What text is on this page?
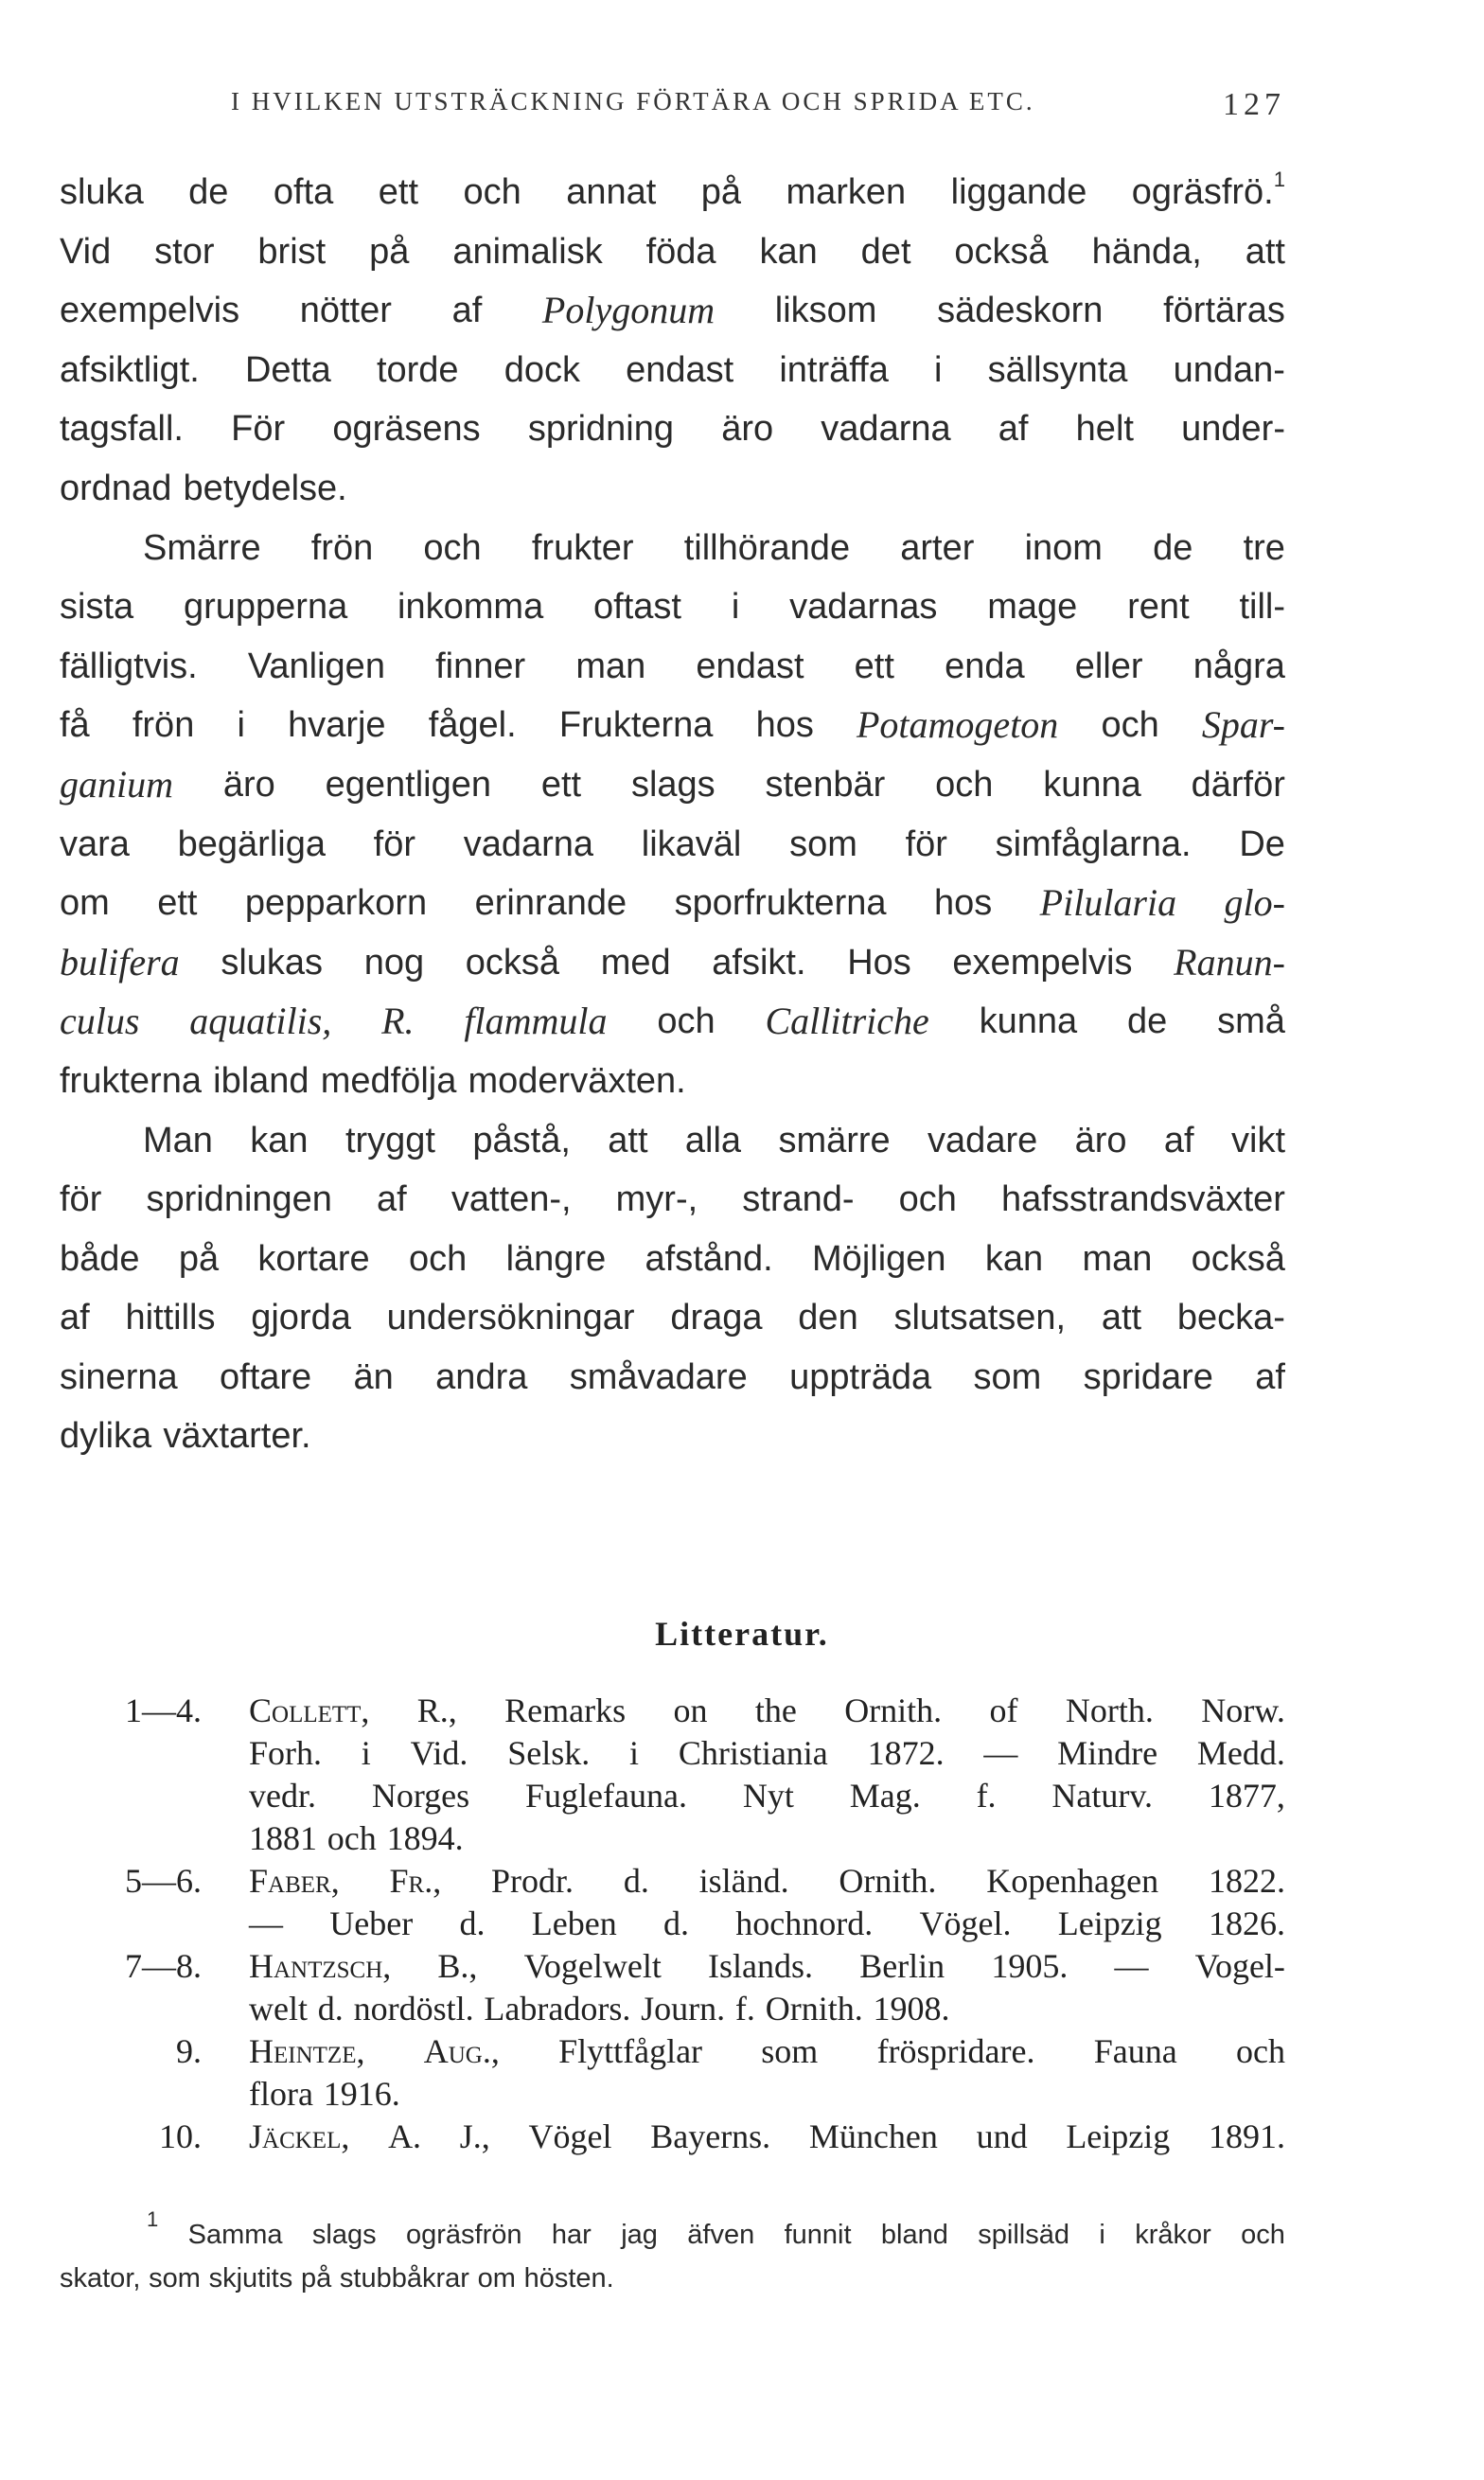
I HVILKEN UTSTRÄCKNING FÖRTÄRA OCH SPRIDA ETC.	127
sluka de ofta ett och annat på marken liggande ogräsfrö.$^1$
Vid stor brist på animalisk föda kan det också hända, att
exempelvis nötter af Polygonum liksom sädeskorn förtäras
afsiktligt. Detta torde dock endast inträffa i sällsynta undan-
tagsfall. För ogräsens spridning äro vadarna af helt under-
ordnad betydelse.
Smärre frön och frukter tillhörande arter inom de tre
sista grupperna inkomma oftast i vadarnas mage rent till-
fälligtvis. Vanligen finner man endast ett enda eller några
få frön i hvarje fågel. Frukterna hos Potamogeton och Spar-
ganium äro egentligen ett slags stenbär och kunna därför
vara begärliga för vadarna likaväl som för simfåglarna. De
om ett pepparkorn erinrande sporfrukterna hos Pilularia glo-
bulifera slukas nog också med afsikt. Hos exempelvis Ranun-
culus aquatilis, R. flammula och Callitriche kunna de små
frukterna ibland medfölja moderväxten.
Man kan tryggt påstå, att alla smärre vadare äro af vikt
för spridningen af vatten-, myr-, strand- och hafsstrandsväxter
både på kortare och längre afstånd. Möjligen kan man också
af hittills gjorda undersökningar draga den slutsatsen, att becka-
sinerna oftare än andra småvadare uppträda som spridare af
dylika växtarter.
Litteratur.
1—4. Collett, R., Remarks on the Ornith. of North. Norw.
Forh. i Vid. Selsk. i Christiania 1872. — Mindre Medd.
vedr. Norges Fuglefauna. Nyt Mag. f. Naturv. 1877,
1881 och 1894.
5—6. Faber, Fr., Prodr. d. isländ. Ornith. Kopenhagen 1822.
— Ueber d. Leben d. hochnord. Vögel. Leipzig 1826.
7—8. Hantzsch, B., Vogelwelt Islands. Berlin 1905. — Vogel-
welt d. nordöstl. Labradors. Journ. f. Ornith. 1908.
9. Heintze, Aug., Flyttfåglar som fröspridare. Fauna och
flora 1916.
10. Jäckel, A. J., Vögel Bayerns. München und Leipzig 1891.
$^1$
Samma slags ogräsfrön har jag äfven funnit bland spillsäd i kråkor och
skator, som skjutits på stubbåkrar om hösten.
